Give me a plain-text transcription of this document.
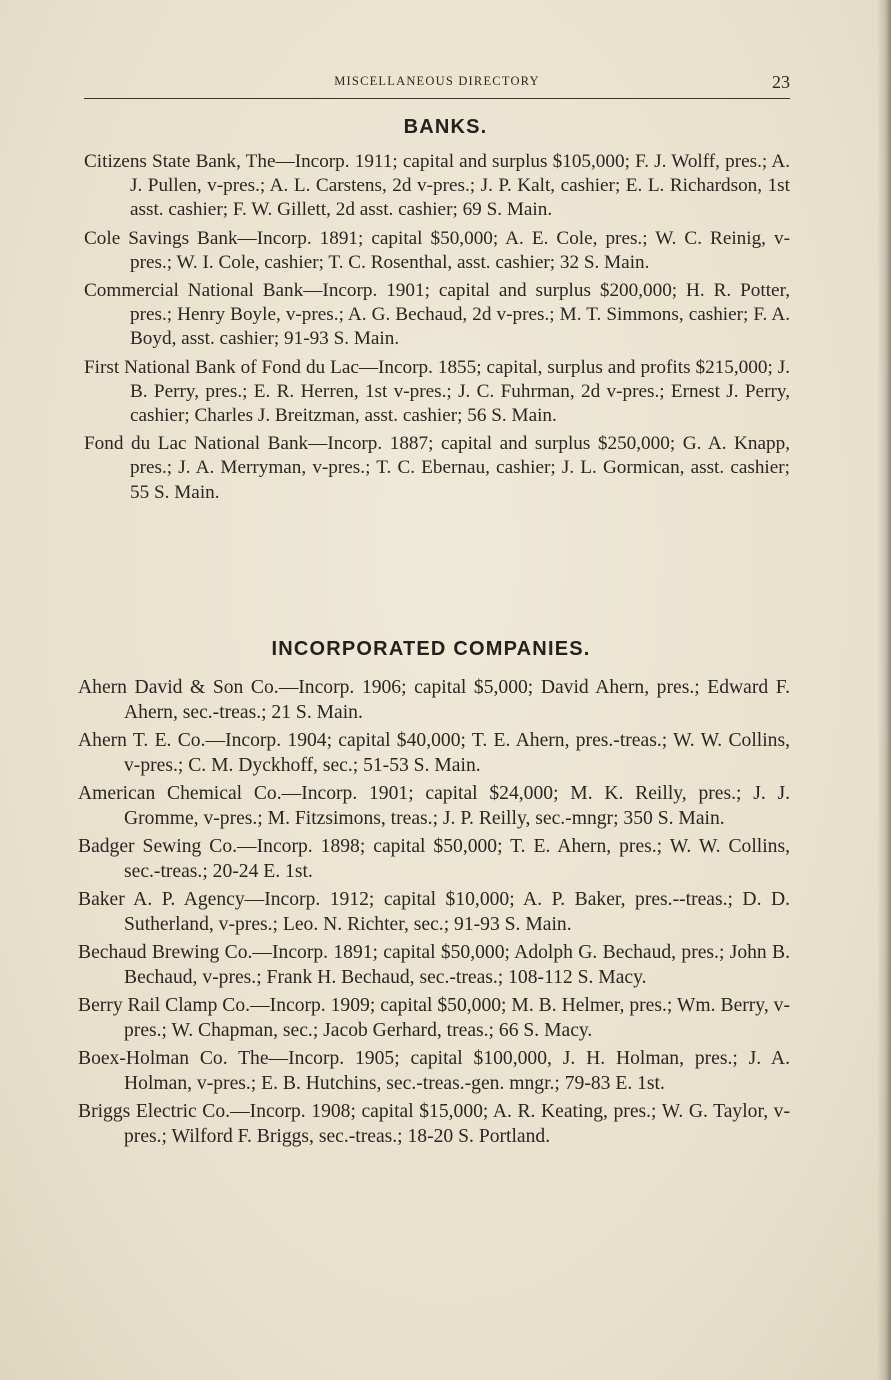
MISCELLANEOUS DIRECTORY	23
BANKS.

Citizens State Bank, The—Incorp. 1911; capital and surplus $105,000; F. J. Wolff, pres.; A. J. Pullen, v-pres.; A. L. Carstens, 2d v-pres.; J. P. Kalt, cashier; E. L. Richardson, 1st asst. cashier; F. W. Gillett, 2d asst. cashier; 69 S. Main.

Cole Savings Bank—Incorp. 1891; capital $50,000; A. E. Cole, pres.; W. C. Reinig, v-pres.; W. I. Cole, cashier; T. C. Rosenthal, asst. cashier; 32 S. Main.

Commercial National Bank—Incorp. 1901; capital and surplus $200,000; H. R. Potter, pres.; Henry Boyle, v-pres.; A. G. Bechaud, 2d v-pres.; M. T. Simmons, cashier; F. A. Boyd, asst. cashier; 91-93 S. Main.

First National Bank of Fond du Lac—Incorp. 1855; capital, surplus and profits $215,000; J. B. Perry, pres.; E. R. Herren, 1st v-pres.; J. C. Fuhrman, 2d v-pres.; Ernest J. Perry, cashier; Charles J. Breitzman, asst. cashier; 56 S. Main.

Fond du Lac National Bank—Incorp. 1887; capital and surplus $250,000; G. A. Knapp, pres.; J. A. Merryman, v-pres.; T. C. Ebernau, cashier; J. L. Gormican, asst. cashier; 55 S. Main.

INCORPORATED COMPANIES.

Ahern David & Son Co.—Incorp. 1906; capital $5,000; David Ahern, pres.; Edward F. Ahern, sec.-treas.; 21 S. Main.

Ahern T. E. Co.—Incorp. 1904; capital $40,000; T. E. Ahern, pres.-treas.; W. W. Collins, v-pres.; C. M. Dyckhoff, sec.; 51-53 S. Main.

American Chemical Co.—Incorp. 1901; capital $24,000; M. K. Reilly, pres.; J. J. Gromme, v-pres.; M. Fitzsimons, treas.; J. P. Reilly, sec.-mngr; 350 S. Main.

Badger Sewing Co.—Incorp. 1898; capital $50,000; T. E. Ahern, pres.; W. W. Collins, sec.-treas.; 20-24 E. 1st.

Baker A. P. Agency—Incorp. 1912; capital $10,000; A. P. Baker, pres.--treas.; D. D. Sutherland, v-pres.; Leo. N. Richter, sec.; 91-93 S. Main.

Bechaud Brewing Co.—Incorp. 1891; capital $50,000; Adolph G. Bechaud, pres.; John B. Bechaud, v-pres.; Frank H. Bechaud, sec.-treas.; 108-112 S. Macy.

Berry Rail Clamp Co.—Incorp. 1909; capital $50,000; M. B. Helmer, pres.; Wm. Berry, v-pres.; W. Chapman, sec.; Jacob Gerhard, treas.; 66 S. Macy.

Boex-Holman Co. The—Incorp. 1905; capital $100,000, J. H. Holman, pres.; J. A. Holman, v-pres.; E. B. Hutchins, sec.-treas.-gen. mngr.; 79-83 E. 1st.

Briggs Electric Co.—Incorp. 1908; capital $15,000; A. R. Keating, pres.; W. G. Taylor, v-pres.; Wilford F. Briggs, sec.-treas.; 18-20 S. Portland.
